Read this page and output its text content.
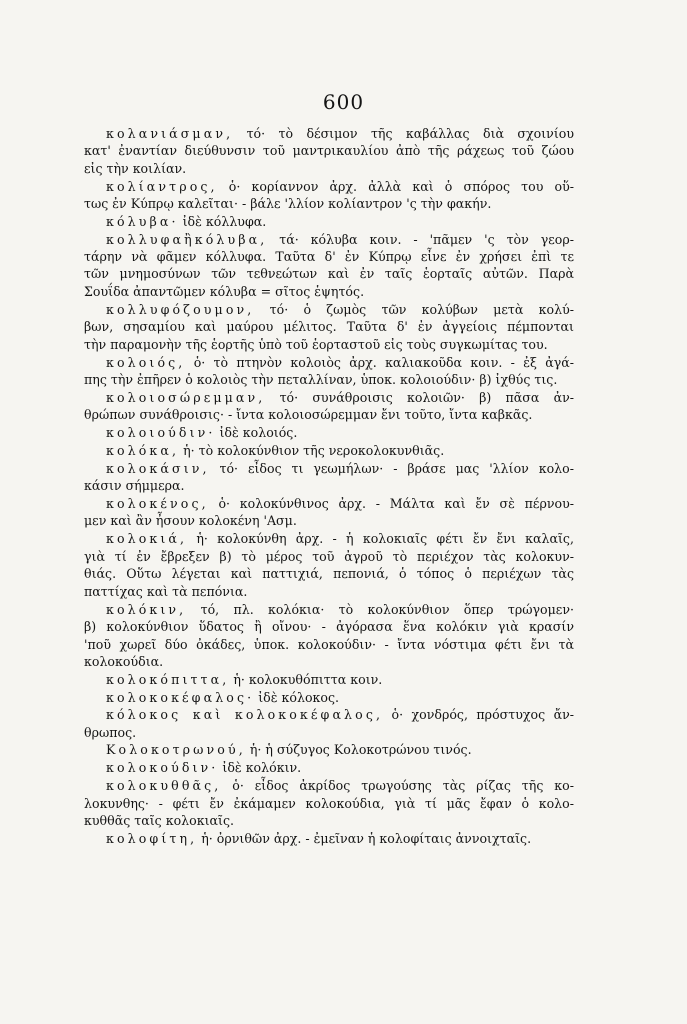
600
κολανιάσμαν, τό· τὸ δέσιμον τῆς καβάλλας διὰ σχοινίου
κατ' ἐναντίαν διεύθυνσιν τοῦ μαντρικαυλίου ἀπὸ τῆς ράχεως τοῦ ζώου
εἰς τὴν κοιλίαν.
κολίαντρος, ὁ· κορίαννον ἀρχ. ἀλλὰ καὶ ὁ σπόρος του οὕ-
τως ἐν Κύπρῳ καλεῖται· - βάλε 'λλίον κολίαντρον 'ς τὴν φακήν.
κόλυβα· ἰδὲ κόλλυφα.
κολλυφαἢκόλυβα, τά· κόλυβα κοιν. - 'πᾶμεν 'ς τὸν γεορ-
τάρην νὰ φᾶμεν κόλλυφα. Ταῦτα δ' ἐν Κύπρῳ εἶνε ἐν χρήσει ἐπὶ τε
τῶν μνημοσύνων τῶν τεθνεώτων καὶ ἐν ταῖς ἑορταῖς αὐτῶν. Παρὰ
Σουΐδα ἀπαντῶμεν κόλυβα = σῖτος ἑψητός.
κολλυφόζουμον, τό· ὁ ζωμὸς τῶν κολύβων μετὰ κολύ-
βων, σησαμίου καὶ μαύρου μέλιτος. Ταῦτα δ' ἐν ἀγγείοις πέμπονται
τὴν παραμονὴν τῆς ἑορτῆς ὑπὸ τοῦ ἑορταστοῦ εἰς τοὺς συγκωμίτας του.
κολοιός, ὁ· τὸ πτηνὸν κολοιὸς ἀρχ. καλιακοῦδα κοιν. - ἐξ ἀγά-
πης τὴν ἐπῆρεν ὁ κολοιὸς τὴν πεταλλίναν, ὑποκ. κολοιούδιν· β) ἰχθύς τις.
κολοιοσώρεμμαν, τό· συνάθροισις κολοιῶν· β) πᾶσα ἀν-
θρώπων συνάθροισις· - ἴντα κολοιοσώρεμμαν ἔνι τοῦτο, ἴντα καβκᾶς.
κολοιούδιν· ἰδὲ κολοιός.
κολόκα, ἡ· τὸ κολοκύνθιον τῆς νεροκολοκυνθιᾶς.
κολοκάσιν, τό· εἶδος τι γεωμήλων· - βράσε μας 'λλίον κολο-
κάσιν σήμμερα.
κολοκένος, ὁ· κολοκύνθινος ἀρχ. - Μάλτα καὶ ἔν σὲ πέρνου-
μεν καὶ ἂν ἦσουν κολοκένη 'Ασμ.
κολοκιά, ἡ· κολοκύνθη ἀρχ. - ἡ κολοκιαῖς φέτι ἔν ἔνι καλαῖς,
γιὰ τί ἐν ἔβρεξεν β) τὸ μέρος τοῦ ἀγροῦ τὸ περιέχον τὰς κολοκυν-
θιάς. Οὕτω λέγεται καὶ παττιχιά, πεπονιά, ὁ τόπος ὁ περιέχων τὰς
παττίχας καὶ τὰ πεπόνια.
κολόκιν, τό, πλ. κολόκια· τὸ κολοκύνθιον ὅπερ τρώγομεν·
β) κολοκύνθιον ὕδατος ἢ οἴνου· - ἀγόρασα ἕνα κολόκιν γιὰ κρασίν
'ποῦ χωρεῖ δύο ὀκάδες, ὑποκ. κολοκούδιν· - ἴντα νόστιμα φέτι ἔνι τὰ
κολοκούδια.
κολοκόπιττα, ἡ· κολοκυθόπιττα κοιν.
κολοκοκέφαλος· ἰδὲ κόλοκος.
κόλοκος καὶ κολοκοκέφαλος, ὁ· χονδρός, πρόστυχος ἄν-
θρωπος.
Κολοκοτρωνού, ἡ· ἡ σύζυγος Κολοκοτρώνου τινός.
κολοκούδιν· ἰδὲ κολόκιν.
κολοκυθθᾶς, ὁ· εἶδος ἀκρίδος τρωγούσης τὰς ρίζας τῆς κο-
λοκυνθης· - φέτι ἔν ἐκάμαμεν κολοκούδια, γιὰ τί μᾶς ἔφαν ὁ κολο-
κυθθᾶς ταῖς κολοκιαῖς.
κολοφίτη, ἡ· ὀρνιθῶν ἀρχ. - ἐμεῖναν ἡ κολοφίταις ἀννοιχταῖς.
